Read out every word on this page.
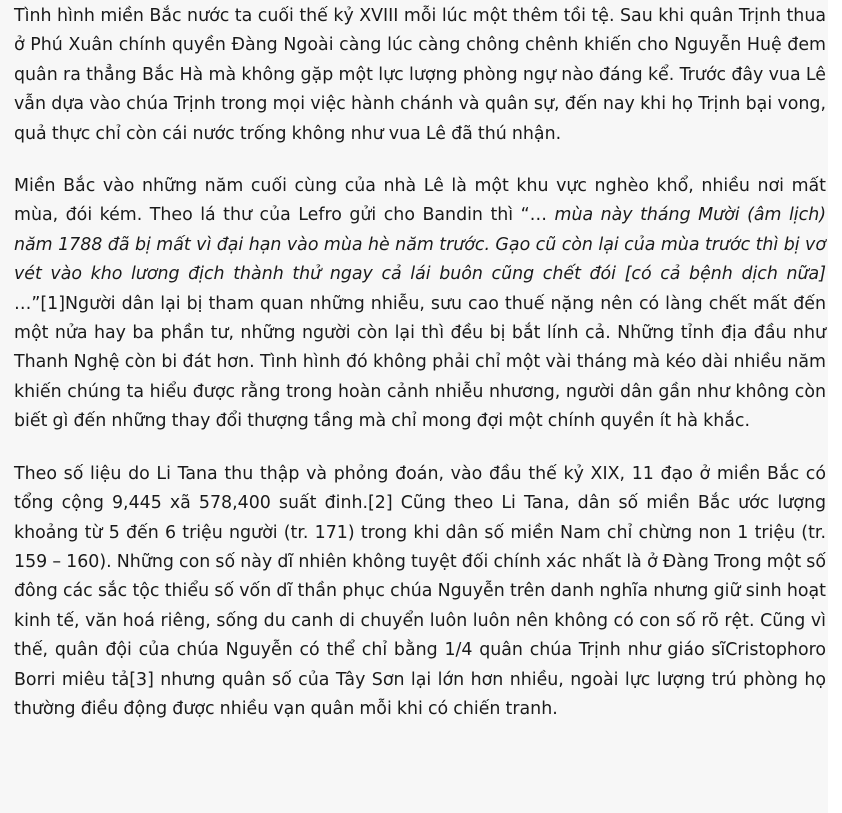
Tình hình miền Bắc nước ta cuối thế kỷ XVIII mỗi lúc một thêm tồi tệ. Sau khi quân Trịnh thua ở Phú Xuân chính quyền Đàng Ngoài càng lúc càng chông chênh khiến cho Nguyễn Huệ đem quân ra thẳng Bắc Hà mà không gặp một lực lượng phòng ngự nào đáng kể. Trước đây vua Lê vẫn dựa vào chúa Trịnh trong mọi việc hành chánh và quân sự, đến nay khi họ Trịnh bại vong, quả thực chỉ còn cái nước trống không như vua Lê đã thú nhận.

Miền Bắc vào những năm cuối cùng của nhà Lê là một khu vực nghèo khổ, nhiều nơi mất mùa, đói kém. Theo lá thư của Lefro gửi cho Bandin thì “… mùa này tháng Mười (âm lịch) năm 1788 đã bị mất vì đại hạn vào mùa hè năm trước. Gạo cũ còn lại của mùa trước thì bị vơ vét vào kho lương địch thành thử ngay cả lái buôn cũng chết đói [có cả bệnh dịch nữa] …”[1]Người dân lại bị tham quan những nhiễu, sưu cao thuế nặng nên có làng chết mất đến một nửa hay ba phần tư, những người còn lại thì đều bị bắt lính cả. Những tỉnh địa đầu như Thanh Nghệ còn bi đát hơn. Tình hình đó không phải chỉ một vài tháng mà kéo dài nhiều năm khiến chúng ta hiểu được rằng trong hoàn cảnh nhiễu nhương, người dân gần như không còn biết gì đến những thay đổi thượng tầng mà chỉ mong đợi một chính quyền ít hà khắc.

Theo số liệu do Li Tana thu thập và phỏng đoán, vào đầu thế kỷ XIX, 11 đạo ở miền Bắc có tổng cộng 9,445 xã 578,400 suất đinh.[2] Cũng theo Li Tana, dân số miền Bắc ước lượng khoảng từ 5 đến 6 triệu người (tr. 171) trong khi dân số miền Nam chỉ chừng non 1 triệu (tr. 159 – 160). Những con số này dĩ nhiên không tuyệt đối chính xác nhất là ở Đàng Trong một số đông các sắc tộc thiểu số vốn dĩ thần phục chúa Nguyễn trên danh nghĩa nhưng giữ sinh hoạt kinh tế, văn hoá riêng, sống du canh di chuyển luôn luôn nên không có con số rõ rệt. Cũng vì thế, quân đội của chúa Nguyễn có thể chỉ bằng 1/4 quân chúa Trịnh như giáo sĩCristophoro Borri miêu tả[3] nhưng quân số của Tây Sơn lại lớn hơn nhiều, ngoài lực lượng trú phòng họ thường điều động được nhiều vạn quân mỗi khi có chiến tranh.
